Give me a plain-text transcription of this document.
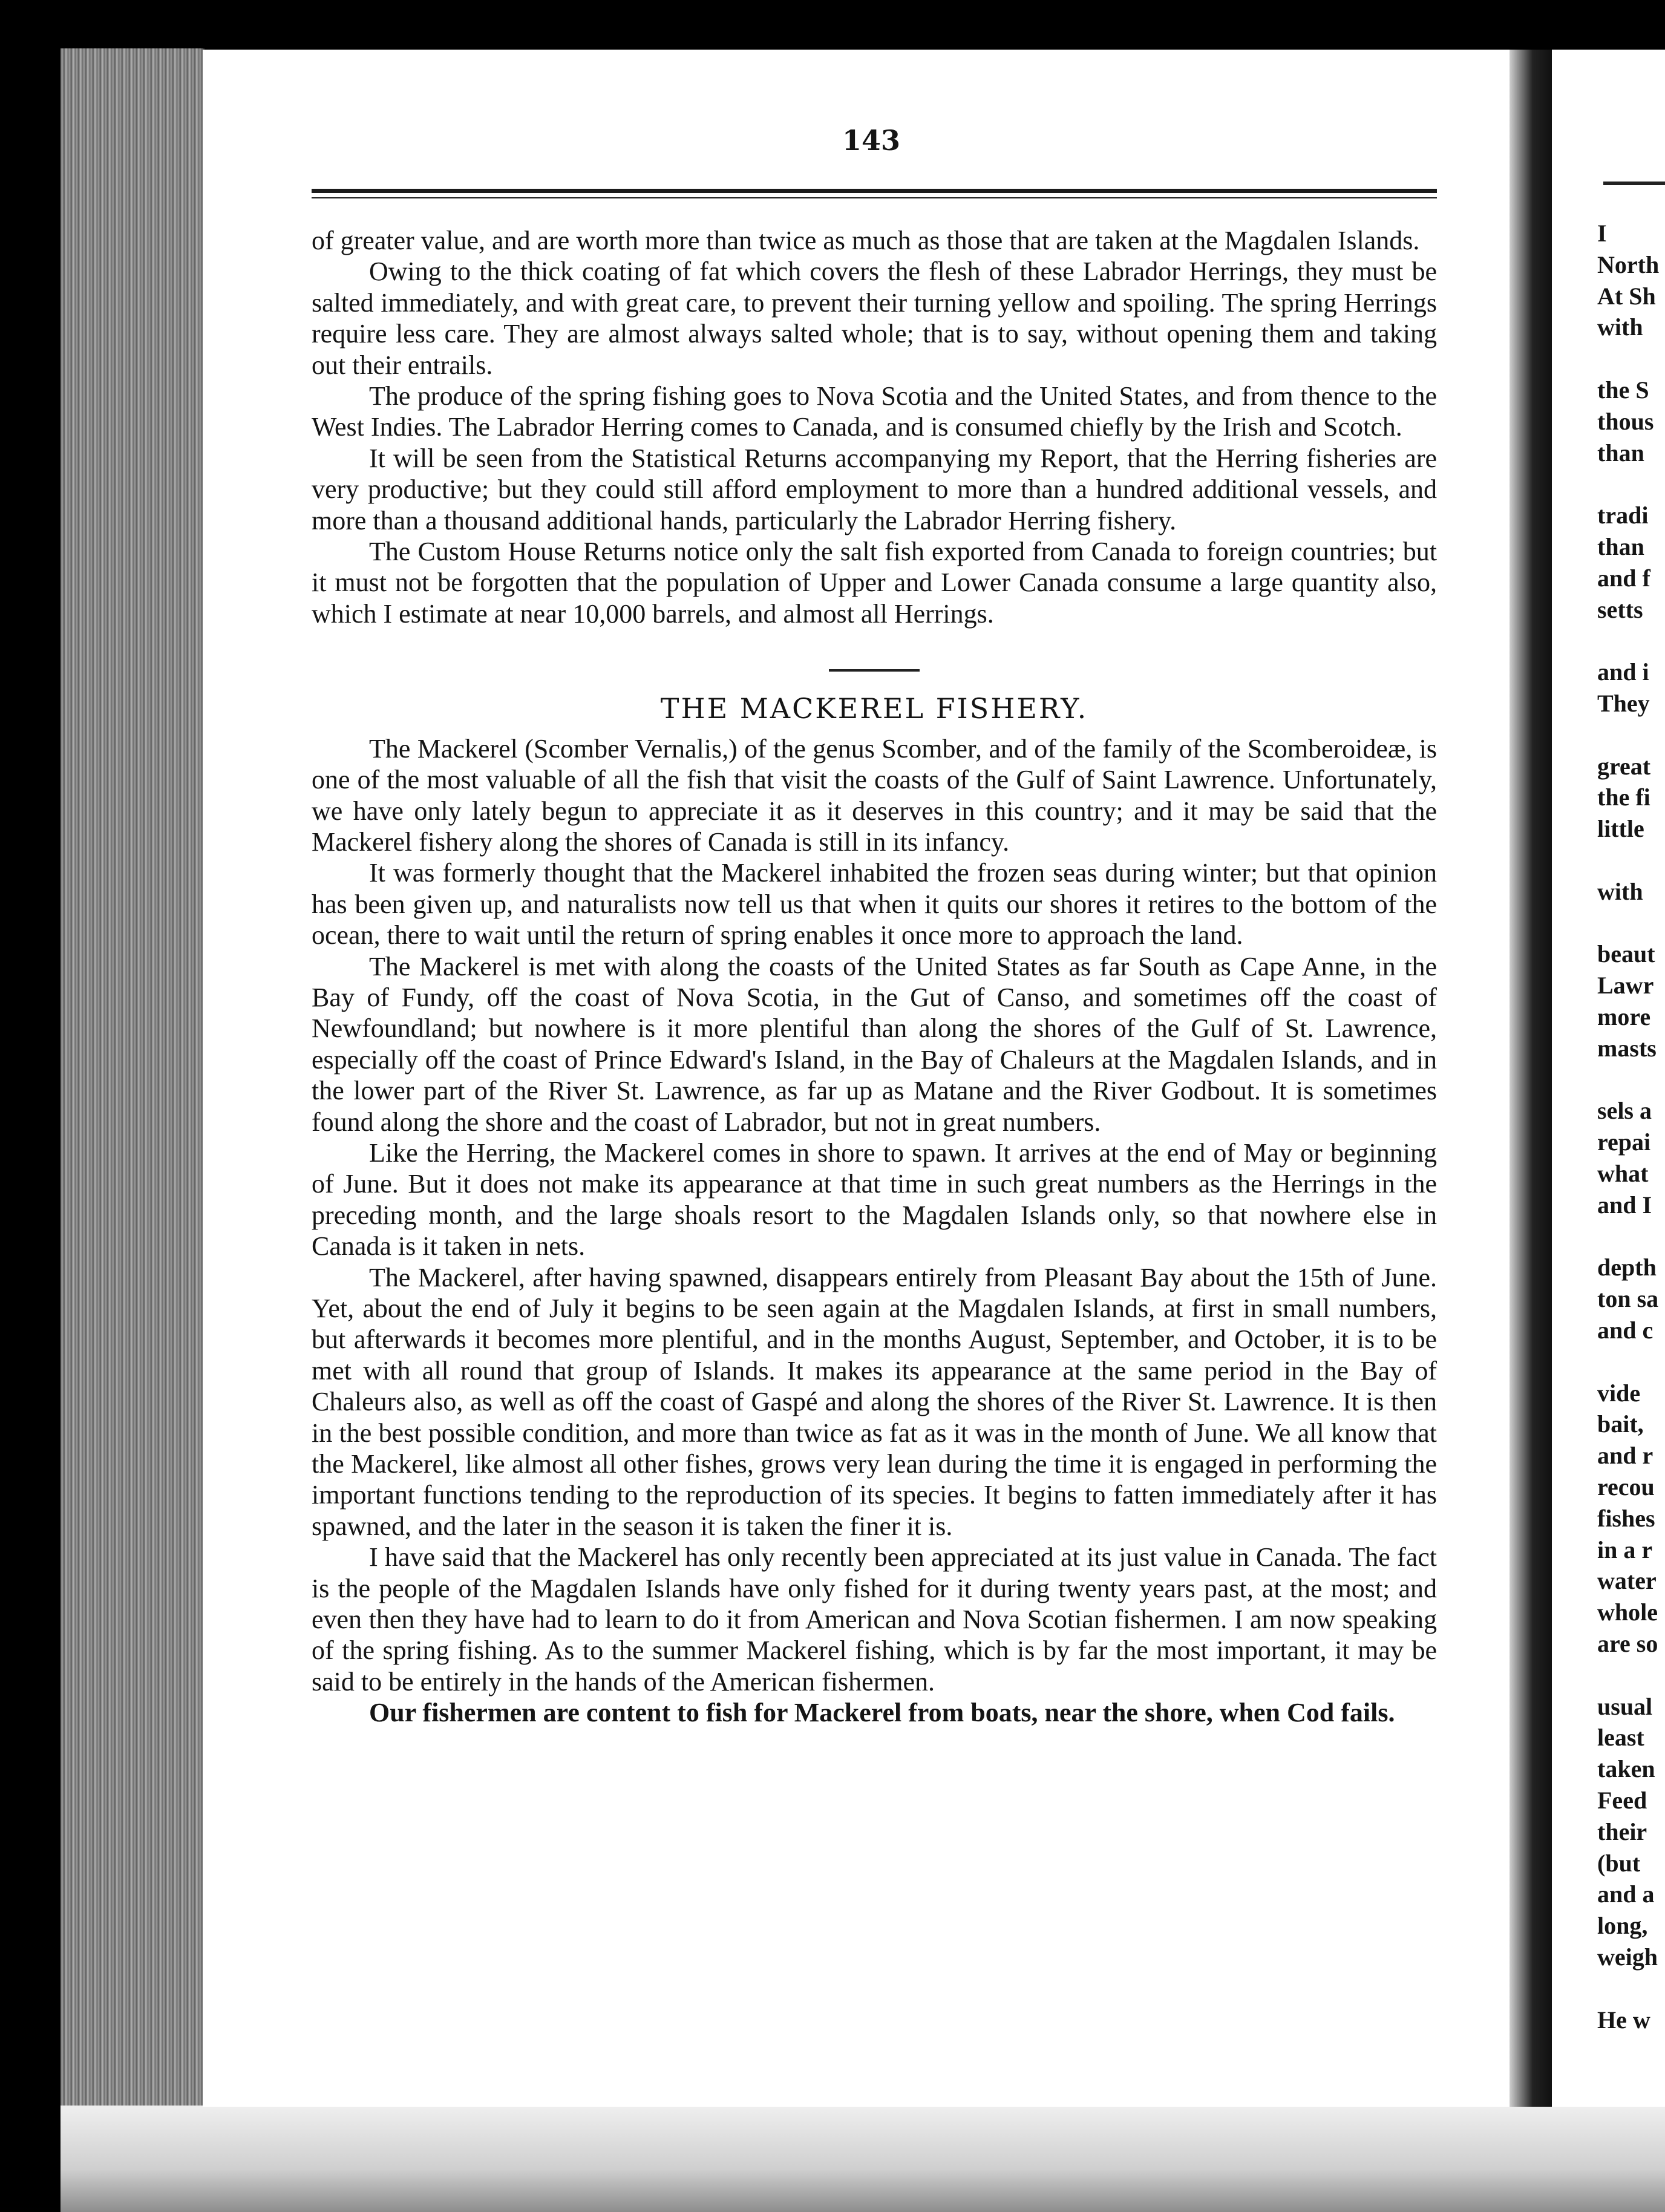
143

of greater value, and are worth more than twice as much as those that are taken at the Magdalen Islands.

Owing to the thick coating of fat which covers the flesh of these Labrador Herrings, they must be salted immediately, and with great care, to prevent their turning yellow and spoiling. The spring Herrings require less care. They are almost always salted whole; that is to say, without opening them and taking out their entrails.

The produce of the spring fishing goes to Nova Scotia and the United States, and from thence to the West Indies. The Labrador Herring comes to Canada, and is consumed chiefly by the Irish and Scotch.

It will be seen from the Statistical Returns accompanying my Report, that the Herring fisheries are very productive; but they could still afford employment to more than a hundred additional vessels, and more than a thousand additional hands, particularly the Labrador Herring fishery.

The Custom House Returns notice only the salt fish exported from Canada to foreign countries; but it must not be forgotten that the population of Upper and Lower Canada consume a large quantity also, which I estimate at near 10,000 barrels, and almost all Herrings.

THE MACKEREL FISHERY.

The Mackerel (Scomber Vernalis,) of the genus Scomber, and of the family of the Scomberoideæ, is one of the most valuable of all the fish that visit the coasts of the Gulf of Saint Lawrence. Unfortunately, we have only lately begun to appreciate it as it deserves in this country; and it may be said that the Mackerel fishery along the shores of Canada is still in its infancy.

It was formerly thought that the Mackerel inhabited the frozen seas during winter; but that opinion has been given up, and naturalists now tell us that when it quits our shores it retires to the bottom of the ocean, there to wait until the return of spring enables it once more to approach the land.

The Mackerel is met with along the coasts of the United States as far South as Cape Anne, in the Bay of Fundy, off the coast of Nova Scotia, in the Gut of Canso, and sometimes off the coast of Newfoundland; but nowhere is it more plentiful than along the shores of the Gulf of St. Lawrence, especially off the coast of Prince Edward's Island, in the Bay of Chaleurs at the Magdalen Islands, and in the lower part of the River St. Lawrence, as far up as Matane and the River Godbout. It is sometimes found along the shore and the coast of Labrador, but not in great numbers.

Like the Herring, the Mackerel comes in shore to spawn. It arrives at the end of May or beginning of June. But it does not make its appearance at that time in such great numbers as the Herrings in the preceding month, and the large shoals resort to the Magdalen Islands only, so that nowhere else in Canada is it taken in nets.

The Mackerel, after having spawned, disappears entirely from Pleasant Bay about the 15th of June. Yet, about the end of July it begins to be seen again at the Magdalen Islands, at first in small numbers, but afterwards it becomes more plentiful, and in the months August, September, and October, it is to be met with all round that group of Islands. It makes its appearance at the same period in the Bay of Chaleurs also, as well as off the coast of Gaspé and along the shores of the River St. Lawrence. It is then in the best possible condition, and more than twice as fat as it was in the month of June. We all know that the Mackerel, like almost all other fishes, grows very lean during the time it is engaged in performing the important functions tending to the reproduction of its species. It begins to fatten immediately after it has spawned, and the later in the season it is taken the finer it is.

I have said that the Mackerel has only recently been appreciated at its just value in Canada. The fact is the people of the Magdalen Islands have only fished for it during twenty years past, at the most; and even then they have had to learn to do it from American and Nova Scotian fishermen. I am now speaking of the spring fishing. As to the summer Mackerel fishing, which is by far the most important, it may be said to be entirely in the hands of the American fishermen.

Our fishermen are content to fish for Mackerel from boats, near the shore, when Cod fails.

I
North
At Sh
with
the S
thous
than
tradi
than
and f
setts
and i
They
great
the fi
little
with
beaut
Lawr
more
masts
sels a
repai
what
and I
depth
ton sa
and c
vide
bait,
and r
recou
fishes
in a r
water
whole
are so
usual
least
taken
Feed
their
(but
and a
long,
weigh
He w
